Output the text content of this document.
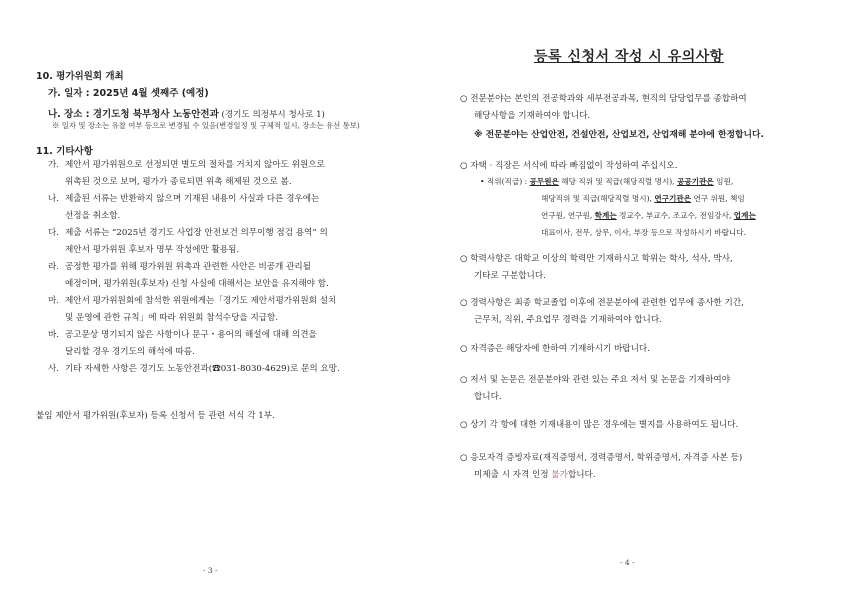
10. 평가위원회 개최
가. 일자 : 2025년 4월 셋째주 (예정)
나. 장소 : 경기도청 북부청사 노동안전과 (경기도 의정부시 청사로 1)
※ 일자 및 장소는 유찰 여부 등으로 변경될 수 있음(변경일정 및 구체적 일시, 장소는 유선 통보)
11. 기타사항
가. 제안서 평가위원으로 선정되면 별도의 절차를 거치지 않아도 위원으로
위촉된 것으로 보며, 평가가 종료되면 위촉 해제된 것으로 봄.
나. 제출된 서류는 반환하지 않으며 기재된 내용이 사실과 다른 경우에는
선정을 취소함.
다. 제출 서류는 “2025년 경기도 사업장 안전보건 의무이행 점검 용역” 의
제안서 평가위원 후보자 명부 작성에만 활용됨.
라. 공정한 평가를 위해 평가위원 위촉과 관련한 사안은 비공개 관리될
예정이며, 평가위원(후보자) 신청 사실에 대해서는 보안을 유지해야 함.
마. 제안서 평가위원회에 참석한 위원에게는「경기도 제안서평가위원회 설치
및 운영에 관한 규칙」에 따라 위원회 참석수당을 지급함.
바. 공고문상 명기되지 않은 사항이나 문구・용어의 해설에 대해 의견을
달리할 경우 경기도의 해석에 따름.
사. 기타 자세한 사항은 경기도 노동안전과(☎031-8030-4629)로 문의 요망.
붙임 제안서 평가위원(후보자) 등록 신청서 등 관련 서식 각 1부.
- 3 -
등록 신청서 작성 시 유의사항
○ 전문분야는 본인의 전공학과와 세부전공과목, 현직의 담당업무를 종합하여
해당사항을 기재하여야 합니다.
※ 전문분야는 산업안전, 건설안전, 산업보건, 산업재해 분야에 한정합니다.
○ 자택 · 직장은 서식에 따라 빠짐없이 작성하여 주십시오.
• 직위(직급) : 공무원은 해당 직위 및 직급(해당직렬 명시), 공공기관은 임원,
해당직위 및 직급(해당직렬 명시), 연구기관은 연구 위원, 책임
연구원, 연구원, 학계는 정교수, 부교수, 조교수, 전임강사, 업계는
대표이사, 전무, 상무, 이사, 부장 등으로 작성하시기 바랍니다.
○ 학력사항은 대학교 이상의 학력만 기재하시고 학위는 학사, 석사, 박사,
기타로 구분합니다.
○ 경력사항은 최종 학교졸업 이후에 전문분야에 관련한 업무에 종사한 기간,
근무처, 직위, 주요업무 경력을 기재하여야 합니다.
○ 자격증은 해당자에 한하여 기재하시기 바랍니다.
○ 저서 및 논문은 전문분야와 관련 있는 주요 저서 및 논문을 기재하여야
합니다.
○ 상기 각 항에 대한 기재내용이 많은 경우에는 별지를 사용하여도 됩니다.
○ 응모자격 증빙자료(재직증명서, 경력증명서, 학위증명서, 자격증 사본 등)
미제출 시 자격 인정 불가합니다.
- 4 -
